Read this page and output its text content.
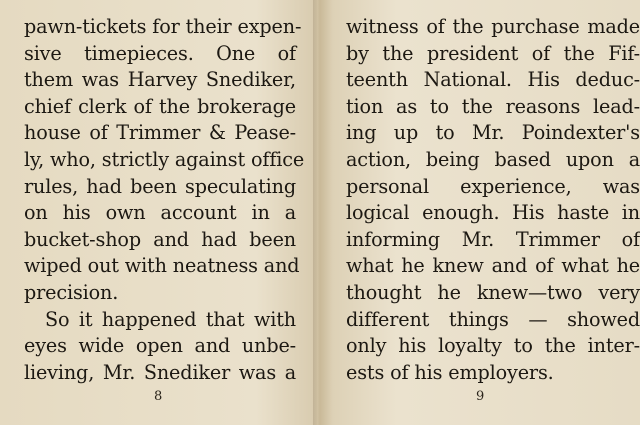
pawn-tickets for their expen-
sive timepieces. One of
them was Harvey Snediker,
chief clerk of the brokerage
house of Trimmer & Pease-
ly, who, strictly against office
rules, had been speculating
on his own account in a
bucket-shop and had been
wiped out with neatness and
precision.
So it happened that with
eyes wide open and unbe-
lieving, Mr. Snediker was a
8
witness of the purchase made
by the president of the Fif-
teenth National. His deduc-
tion as to the reasons lead-
ing up to Mr. Poindexter's
action, being based upon a
personal experience, was
logical enough. His haste in
informing Mr. Trimmer of
what he knew and of what he
thought he knew—two very
different things — showed
only his loyalty to the inter-
ests of his employers.
9
